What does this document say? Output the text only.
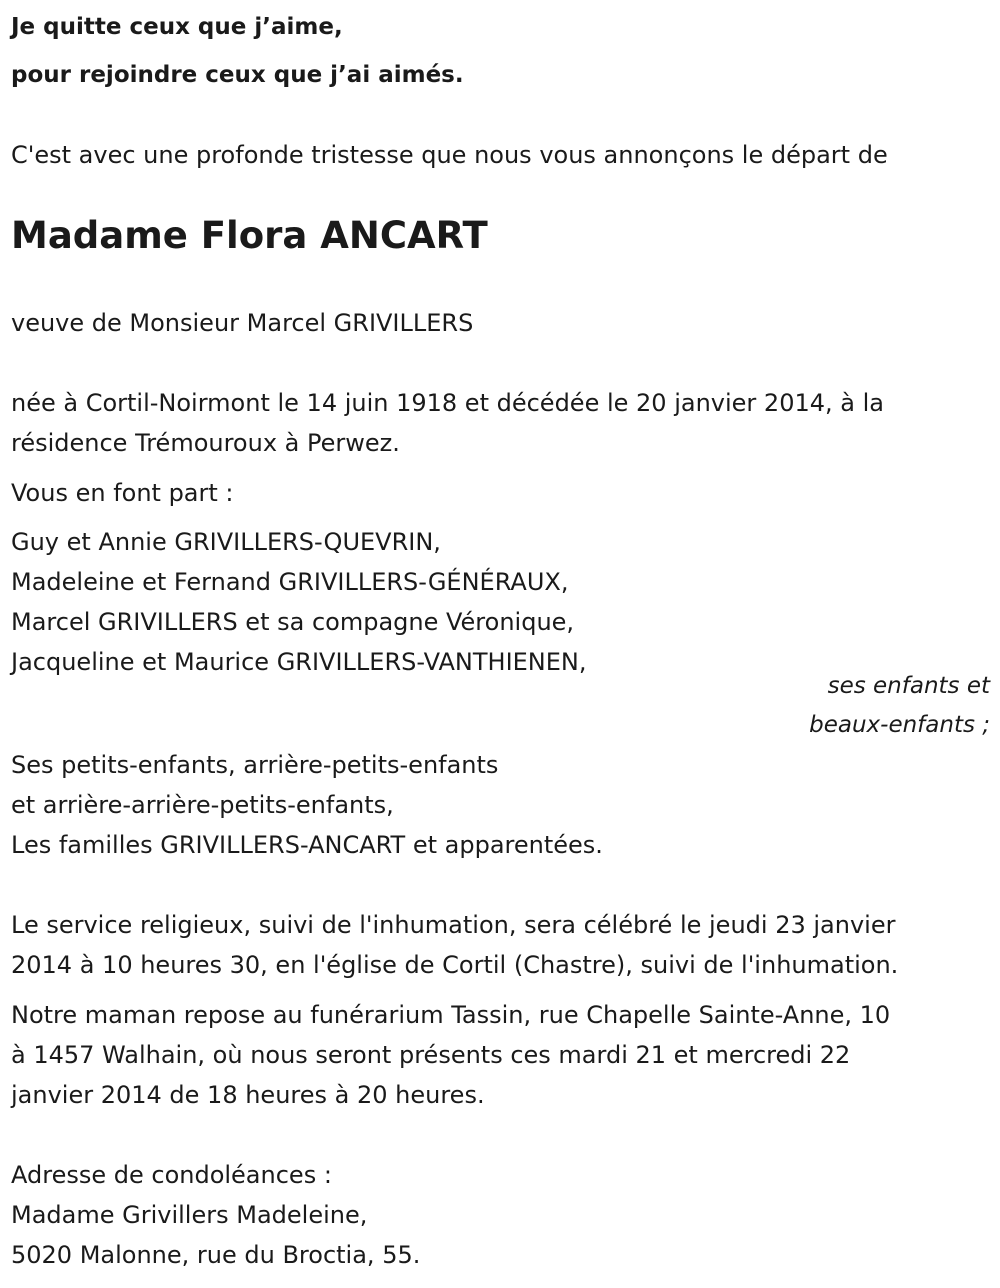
Je quitte ceux que j’aime,
pour rejoindre ceux que j’ai aimés.
C'est avec une profonde tristesse que nous vous annonçons le départ de
Madame Flora ANCART
veuve de Monsieur Marcel GRIVILLERS
née à Cortil-Noirmont le 14 juin 1918 et décédée le 20 janvier 2014, à la
résidence Trémouroux à Perwez.
Vous en font part :
Guy et Annie GRIVILLERS-QUEVRIN,
Madeleine et Fernand GRIVILLERS-GÉNÉRAUX,
Marcel GRIVILLERS et sa compagne Véronique,
Jacqueline et Maurice GRIVILLERS-VANTHIENEN,
ses enfants et
beaux-enfants ;
Ses petits-enfants, arrière-petits-enfants
et arrière-arrière-petits-enfants,
Les familles GRIVILLERS-ANCART et apparentées.
Le service religieux, suivi de l'inhumation, sera célébré le jeudi 23 janvier
2014 à 10 heures 30, en l'église de Cortil (Chastre), suivi de l'inhumation.
Notre maman repose au funérarium Tassin, rue Chapelle Sainte-Anne, 10
à 1457 Walhain, où nous seront présents ces mardi 21 et mercredi 22
janvier 2014 de 18 heures à 20 heures.
Adresse de condoléances :
Madame Grivillers Madeleine,
5020 Malonne, rue du Broctia, 55.
